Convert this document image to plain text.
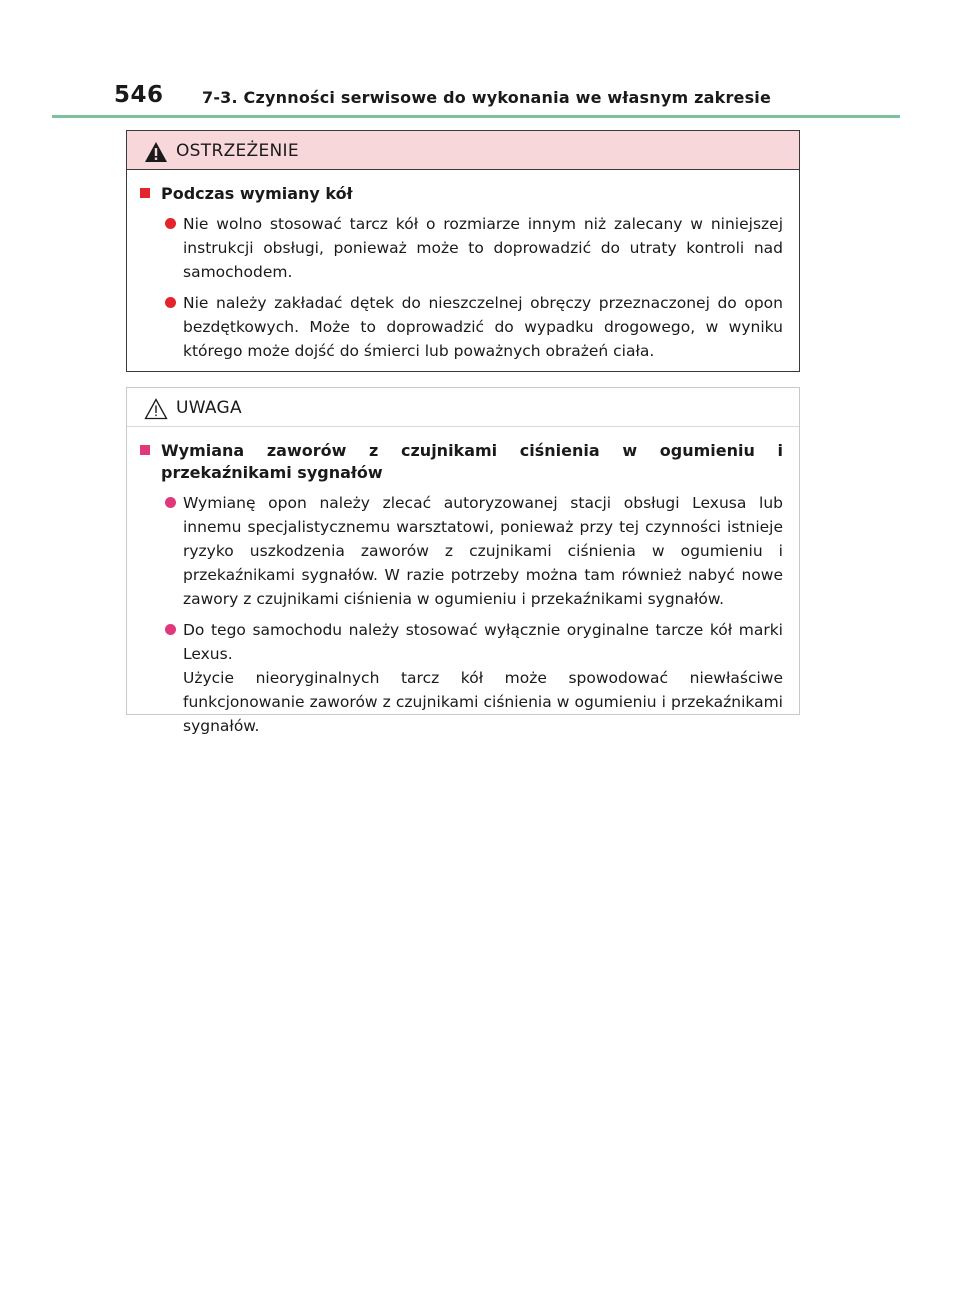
546 7-3. Czynności serwisowe do wykonania we własnym zakresie
OSTRZEŻENIE
Podczas wymiany kół

Nie wolno stosować tarcz kół o rozmiarze innym niż zalecany w niniejszej instrukcji obsługi, ponieważ może to doprowadzić do utraty kontroli nad samochodem.

Nie należy zakładać dętek do nieszczelnej obręczy przeznaczonej do opon bezdętkowych. Może to doprowadzić do wypadku drogowego, w wyniku którego może dojść do śmierci lub poważnych obrażeń ciała.

UWAGA
Wymiana zaworów z czujnikami ciśnienia w ogumieniu i przekaźnikami sygnałów

Wymianę opon należy zlecać autoryzowanej stacji obsługi Lexusa lub innemu specjalistycznemu warsztatowi, ponieważ przy tej czynności istnieje ryzyko uszkodzenia zaworów z czujnikami ciśnienia w ogumieniu i przekaźnikami sygnałów. W razie potrzeby można tam również nabyć nowe zawory z czujnikami ciśnienia w ogumieniu i przekaźnikami sygnałów.

Do tego samochodu należy stosować wyłącznie oryginalne tarcze kół marki Lexus.

Użycie nieoryginalnych tarcz kół może spowodować niewłaściwe funkcjonowanie zaworów z czujnikami ciśnienia w ogumieniu i przekaźnikami sygnałów.
